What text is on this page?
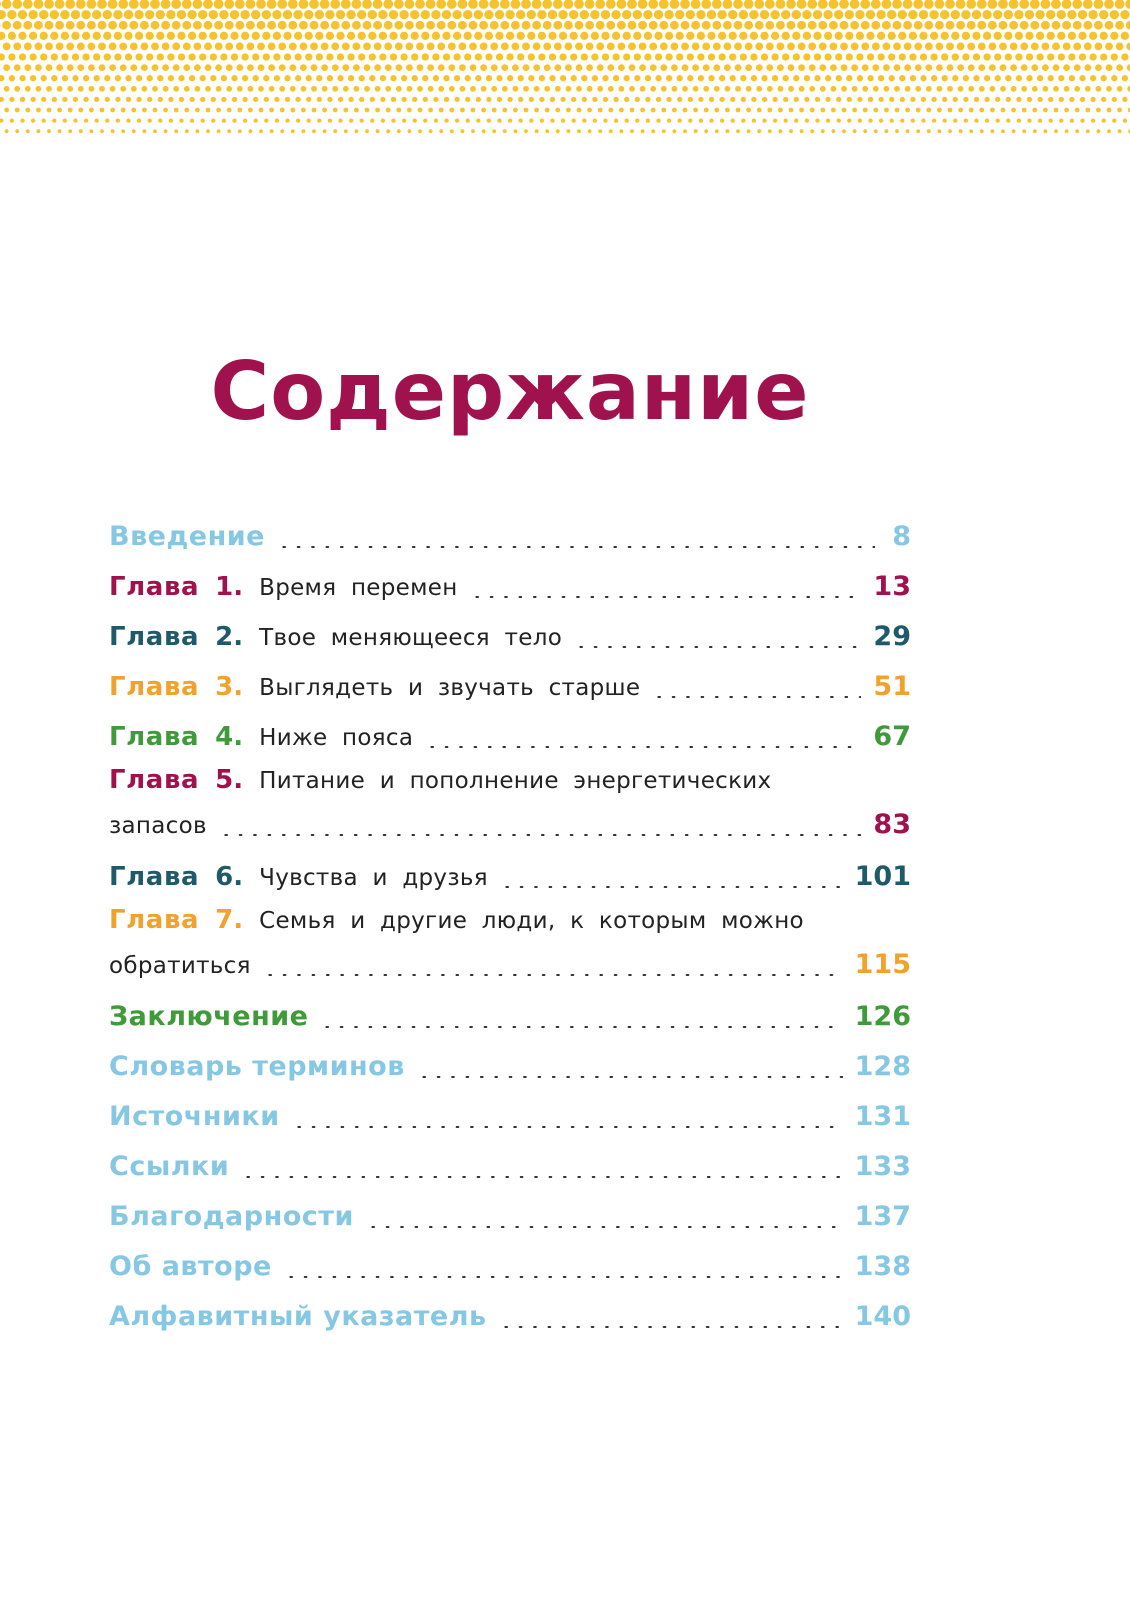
Содержание
Введение	8
Глава 1. Время перемен	13
Глава 2. Твое меняющееся тело	29
Глава 3. Выглядеть и звучать старше	51
Глава 4. Ниже пояса	67
Глава 5. Питание и пополнение энергетических
запасов	83
Глава 6. Чувства и друзья	101
Глава 7. Семья и другие люди, к которым можно
обратиться	115
Заключение	126
Словарь терминов	128
Источники	131
Ссылки	133
Благодарности	137
Об авторе	138
Алфавитный указатель	140
